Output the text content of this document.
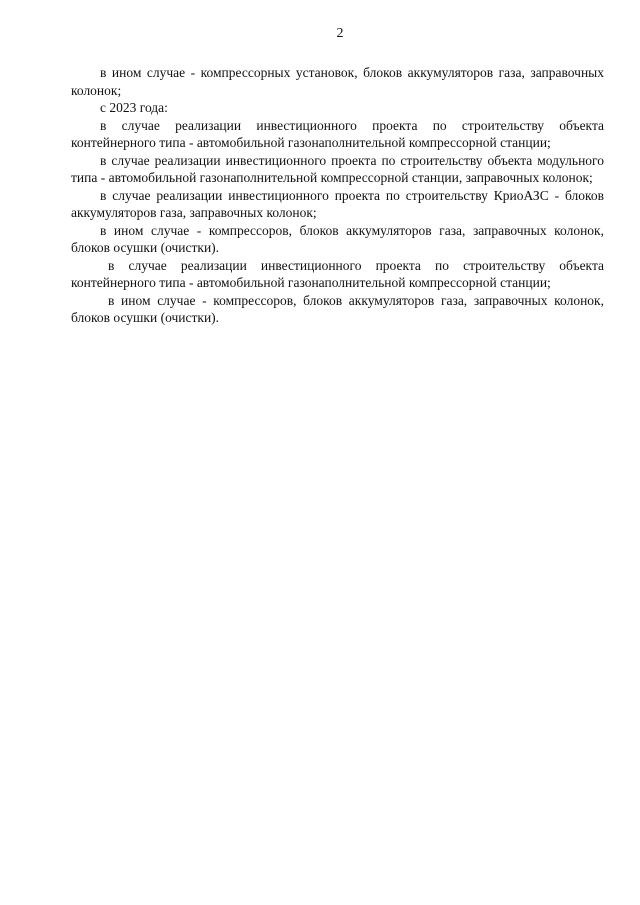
2

в ином случае - компрессорных установок, блоков аккумуляторов газа, заправочных колонок;

с 2023 года:

в случае реализации инвестиционного проекта по строительству объекта контейнерного типа - автомобильной газонаполнительной компрессорной станции;

в случае реализации инвестиционного проекта по строительству объекта модульного типа - автомобильной газонаполнительной компрессорной станции, заправочных колонок;

в случае реализации инвестиционного проекта по строительству КриоАЗС - блоков аккумуляторов газа, заправочных колонок;

в ином случае - компрессоров, блоков аккумуляторов газа, заправочных колонок, блоков осушки (очистки).

в случае реализации инвестиционного проекта по строительству объекта контейнерного типа - автомобильной газонаполнительной компрессорной станции;

в ином случае - компрессоров, блоков аккумуляторов газа, заправочных колонок, блоков осушки (очистки).
